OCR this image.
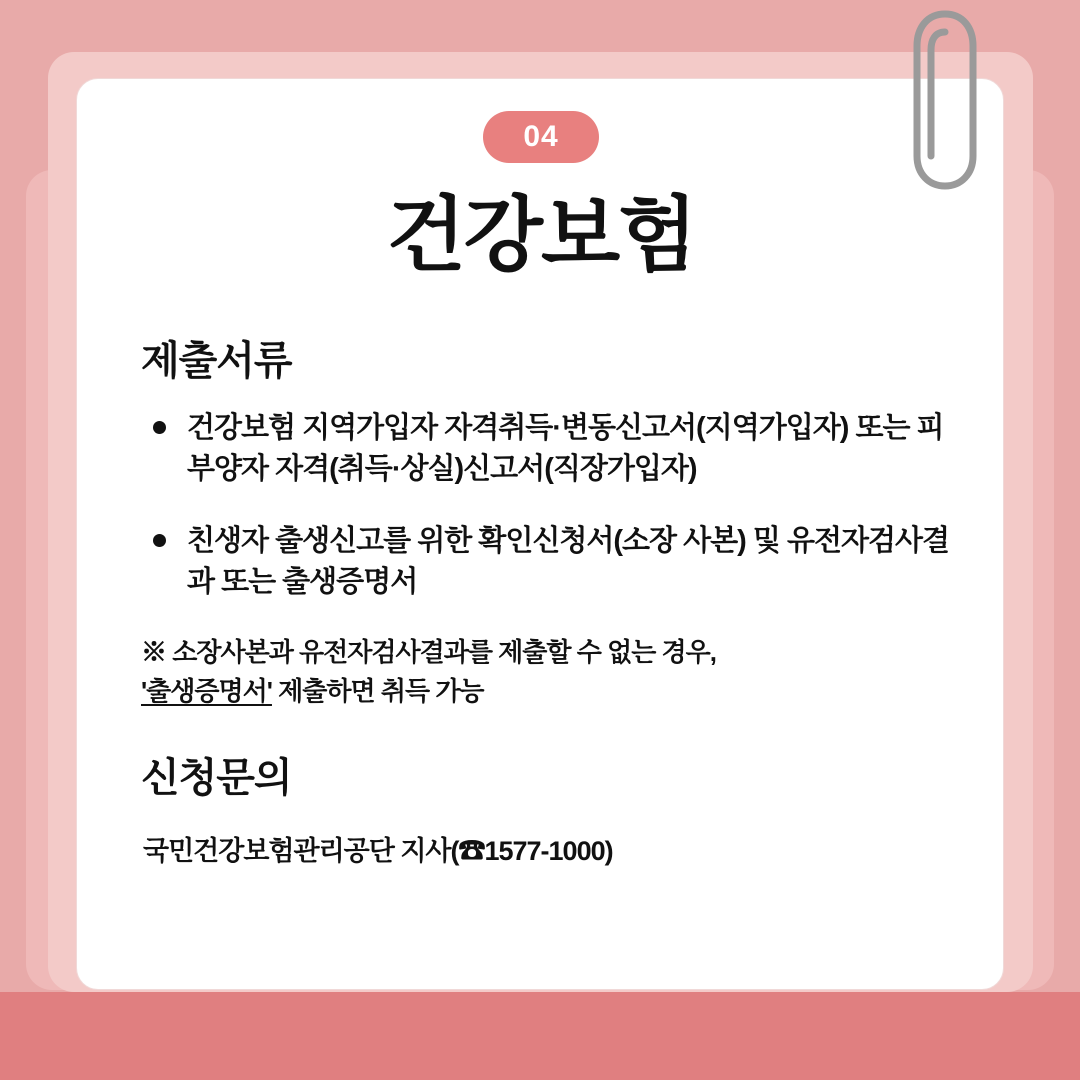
04
건강보험
제출서류
건강보험 지역가입자 자격취득·변동신고서(지역가입자) 또는 피부양자 자격(취득·상실)신고서(직장가입자)
친생자 출생신고를 위한 확인신청서(소장 사본) 및 유전자검사결과 또는 출생증명서
※ 소장사본과 유전자검사결과를 제출할 수 없는 경우,
'출생증명서' 제출하면 취득 가능
신청문의
국민건강보험관리공단 지사(☎1577-1000)
